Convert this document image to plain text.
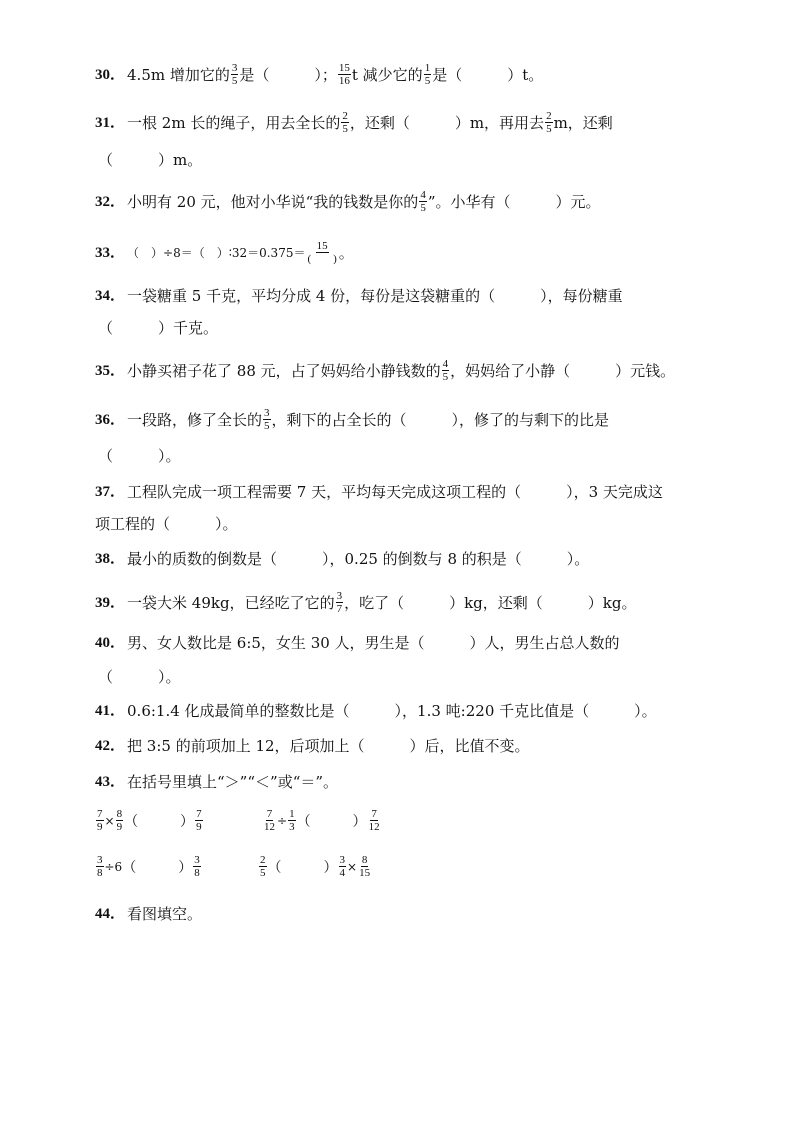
30． 4.5m 增加它的 $\frac{3}{5}$ 是（　　　）； $\frac{15}{16}$ t 减少它的 $\frac{1}{5}$ 是（　　　）t。
31． 一根 2m 长的绳子，用去全长的 $\frac{2}{5}$ ，还剩（　　　）m，再用去 $\frac{2}{5}$ m，还剩
（　　　）m。
32． 小明有 20 元，他对小华说“我的钱数是你的 $\frac{4}{5}$ ”。小华有（　　　）元。
33． （　）÷8＝（　） ∶32＝0.375＝ $\frac{15}{( )}$ 。
34． 一袋糖重 5 千克，平均分成 4 份，每份是这袋糖重的（　　　），每份糖重
（　　　）千克。
35． 小静买裙子花了 88 元，占了妈妈给小静钱数的 $\frac{4}{5}$ ，妈妈给了小静（　　　）元钱。
36． 一段路，修了全长的 $\frac{3}{5}$ ，剩下的占全长的（　　　），修了的与剩下的比是
（　　　）。
37． 工程队完成一项工程需要 7 天，平均每天完成这项工程的（　　　），3 天完成这
项工程的（　　　）。
38． 最小的质数的倒数是（　　　），0.25 的倒数与 8 的积是（　　　）。
39． 一袋大米 49kg，已经吃了它的 $\frac{3}{7}$ ，吃了（　　　）kg，还剩（　　　）kg。
40． 男、女人数比是 6:5，女生 30 人，男生是（　　　）人，男生占总人数的
（　　　）。
41． 0.6:1.4 化成最简单的整数比是（　　　），1.3 吨:220 千克比值是（　　　）。
42． 把 3:5 的前项加上 12，后项加上（　　　）后，比值不变。
43． 在括号里填上“＞”“＜”或“＝”。
$\frac{7}{9} \times \frac{8}{9}$ （　　　） $\frac{7}{9}$	$\frac{7}{12} \div \frac{1}{3}$ （　　　） $\frac{7}{12}$
$\frac{3}{8} \div 6$ （　　　） $\frac{3}{8}$	$\frac{2}{5}$ （　　　） $\frac{3}{4} \times \frac{8}{15}$
44． 看图填空。
